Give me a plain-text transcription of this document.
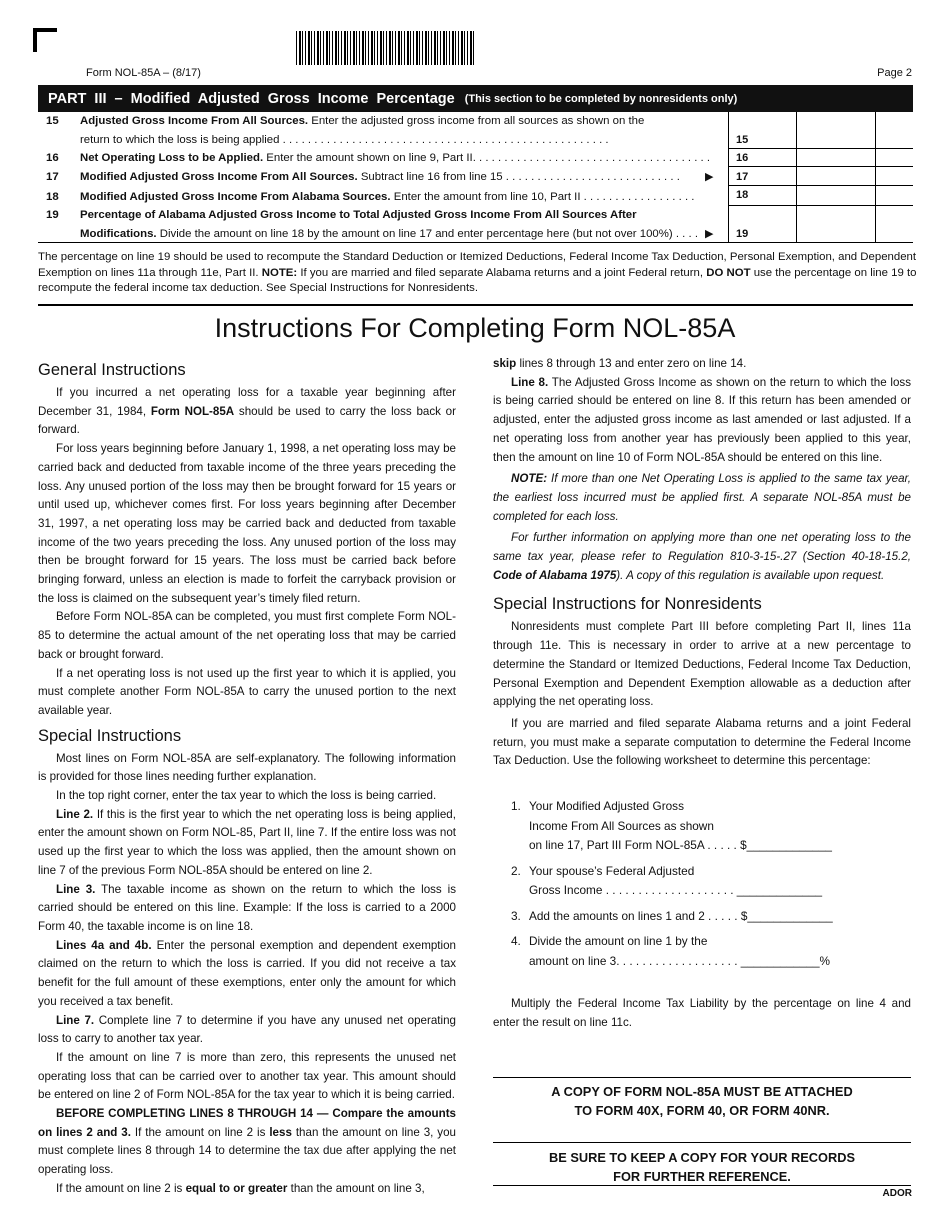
Form NOL-85A – (8/17)	Page 2
PART III – Modified Adjusted Gross Income Percentage (This section to be completed by nonresidents only)
15 Adjusted Gross Income From All Sources. Enter the adjusted gross income from all sources as shown on the
return to which the loss is being applied . . . . . . . . . . . . . . . . . . . . . . . . . . . . . . . . . . . . . . . . . . . . . . . . . . . .	15
16 Net Operating Loss to be Applied. Enter the amount shown on line 9, Part II. . . . . . . . . . . . . . . . . . . . . . . . . . . . . . . . . . . . . . 16
17 Modified Adjusted Gross Income From All Sources. Subtract line 16 from line 15 . . . . . . . . . . . . . . . . . . . . . . . . . . . . ▶ 17
18 Modified Adjusted Gross Income From Alabama Sources. Enter the amount from line 10, Part II . . . . . . . . . . . . . . . . . .	18
19 Percentage of Alabama Adjusted Gross Income to Total Adjusted Gross Income From All Sources After
Modifications. Divide the amount on line 18 by the amount on line 17 and enter percentage here (but not over 100%) . . . . ▶ 19
The percentage on line 19 should be used to recompute the Standard Deduction or Itemized Deductions, Federal Income Tax Deduction, Personal Exemption, and Dependent Exemption on lines 11a through 11e, Part II. NOTE: If you are married and filed separate Alabama returns and a joint Federal return, DO NOT use the percentage on line 19 to recompute the federal income tax deduction. See Special Instructions for Nonresidents.
Instructions For Completing Form NOL-85A
General Instructions

If you incurred a net operating loss for a taxable year beginning after December 31, 1984, Form NOL-85A should be used to carry the loss back or forward.

For loss years beginning before January 1, 1998, a net operating loss may be carried back and deducted from taxable income of the three years preceding the loss. Any unused portion of the loss may then be brought forward for 15 years or until used up, whichever comes first. For loss years beginning after December 31, 1997, a net operating loss may be carried back and deducted from taxable income of the two years preceding the loss. Any unused portion of the loss may then be brought forward for 15 years. The loss must be carried back before bringing forward, unless an election is made to forfeit the carryback provision or the loss is claimed on the subsequent year’s timely filed return.

Before Form NOL-85A can be completed, you must first complete Form NOL-85 to determine the actual amount of the net operating loss that may be carried back or brought forward.

If a net operating loss is not used up the first year to which it is applied, you must complete another Form NOL-85A to carry the unused portion to the next available year.

Special Instructions

Most lines on Form NOL-85A are self-explanatory. The following information is provided for those lines needing further explanation.

In the top right corner, enter the tax year to which the loss is being carried.

Line 2. If this is the first year to which the net operating loss is being applied, enter the amount shown on Form NOL-85, Part II, line 7. If the entire loss was not used up the first year to which the loss was applied, then the amount shown on line 7 of the previous Form NOL-85A should be entered on line 2.

Line 3. The taxable income as shown on the return to which the loss is carried should be entered on this line. Example: If the loss is carried to a 2000 Form 40, the taxable income is on line 18.

Lines 4a and 4b. Enter the personal exemption and dependent exemption claimed on the return to which the loss is carried. If you did not receive a tax benefit for the full amount of these exemptions, enter only the amount for which you received a tax benefit.

Line 7. Complete line 7 to determine if you have any unused net operating loss to carry to another tax year.

If the amount on line 7 is more than zero, this represents the unused net operating loss that can be carried over to another tax year. This amount should be entered on line 2 of Form NOL-85A for the tax year to which it is being carried.

BEFORE COMPLETING LINES 8 THROUGH 14 — Compare the amounts on lines 2 and 3. If the amount on line 2 is less than the amount on line 3, you must complete lines 8 through 14 to determine the tax due after applying the net operating loss.

If the amount on line 2 is equal to or greater than the amount on line 3,

skip lines 8 through 13 and enter zero on line 14.

Line 8. The Adjusted Gross Income as shown on the return to which the loss is being carried should be entered on line 8. If this return has been amended or adjusted, enter the adjusted gross income as last amended or last adjusted. If a net operating loss from another year has previously been applied to this year, then the amount on line 10 of Form NOL-85A should be entered on this line.

NOTE: If more than one Net Operating Loss is applied to the same tax year, the earliest loss incurred must be applied first. A separate NOL-85A must be completed for each loss.

For further information on applying more than one net operating loss to the same tax year, please refer to Regulation 810-3-15-.27 (Section 40-18-15.2, Code of Alabama 1975). A copy of this regulation is available upon request.

Special Instructions for Nonresidents

Nonresidents must complete Part III before completing Part II, lines 11a through 11e. This is necessary in order to arrive at a new percentage to determine the Standard or Itemized Deductions, Federal Income Tax Deduction, Personal Exemption and Dependent Exemption allowable as a deduction after applying the net operating loss.

If you are married and filed separate Alabama returns and a joint Federal return, you must make a separate computation to determine the Federal Income Tax Deduction. Use the following worksheet to determine this percentage:

1. Your Modified Adjusted Gross
Income From All Sources as shown
on line 17, Part III Form NOL-85A . . . . . $_____________
2. Your spouse’s Federal Adjusted
Gross Income . . . . . . . . . . . . . . . . . . . . _____________
3. Add the amounts on lines 1 and 2 . . . . . $_____________
4. Divide the amount on line 1 by the
amount on line 3. . . . . . . . . . . . . . . . . . . ____________%

Multiply the Federal Income Tax Liability by the percentage on line 4 and enter the result on line 11c.

A COPY OF FORM NOL-85A MUST BE ATTACHED
TO FORM 40X, FORM 40, OR FORM 40NR.
BE SURE TO KEEP A COPY FOR YOUR RECORDS
FOR FURTHER REFERENCE.
ADOR
